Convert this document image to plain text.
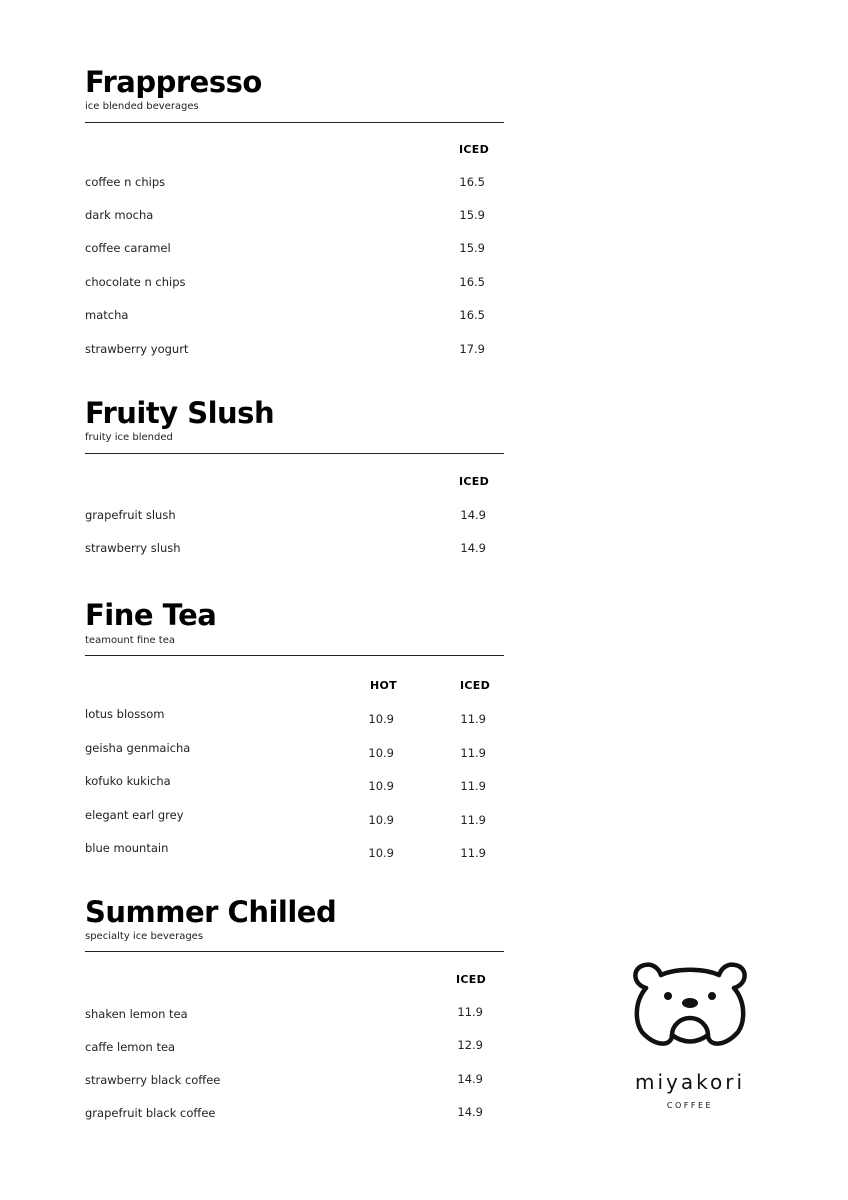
Frappresso
ice blended beverages
ICED
coffee n chips	16.5
dark mocha	15.9
coffee caramel	15.9
chocolate n chips	16.5
matcha	16.5
strawberry yogurt	17.9
Fruity Slush
fruity ice blended
ICED
grapefruit slush	14.9
strawberry slush	14.9
Fine Tea
teamount fine tea
HOT	ICED
lotus blossom	10.9	11.9
geisha genmaicha	10.9	11.9
kofuko kukicha	10.9	11.9
elegant earl grey	10.9	11.9
blue mountain	10.9	11.9
Summer Chilled
specialty ice beverages
ICED
shaken lemon tea	11.9
caffe lemon tea	12.9
strawberry black coffee	14.9
grapefruit black coffee	14.9
miyakori
COFFEE
